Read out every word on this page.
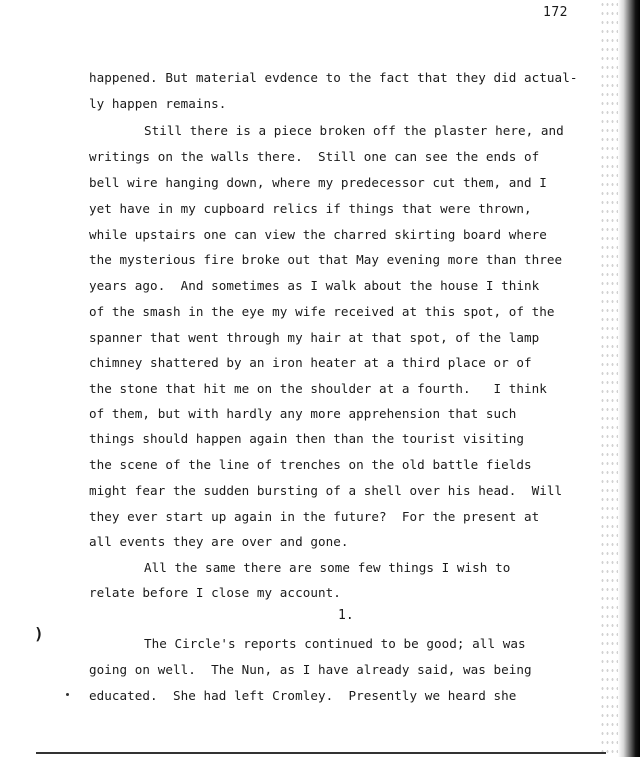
172
happened. But material evdence to the fact that they did actual-
ly happen remains.
Still there is a piece broken off the plaster here, and
writings on the walls there.  Still one can see the ends of
bell wire hanging down, where my predecessor cut them, and I
yet have in my cupboard relics if things that were thrown,
while upstairs one can view the charred skirting board where
the mysterious fire broke out that May evening more than three
years ago.  And sometimes as I walk about the house I think
of the smash in the eye my wife received at this spot, of the
spanner that went through my hair at that spot, of the lamp
chimney shattered by an iron heater at a third place or of
the stone that hit me on the shoulder at a fourth.   I think
of them, but with hardly any more apprehension that such
things should happen again then than the tourist visiting
the scene of the line of trenches on the old battle fields
might fear the sudden bursting of a shell over his head.  Will
they ever start up again in the future?  For the present at
all events they are over and gone.
All the same there are some few things I wish to
relate before I close my account.
1.
)
The Circle's reports continued to be good; all was
going on well.  The Nun, as I have already said, was being
educated.  She had left Cromley.  Presently we heard she
